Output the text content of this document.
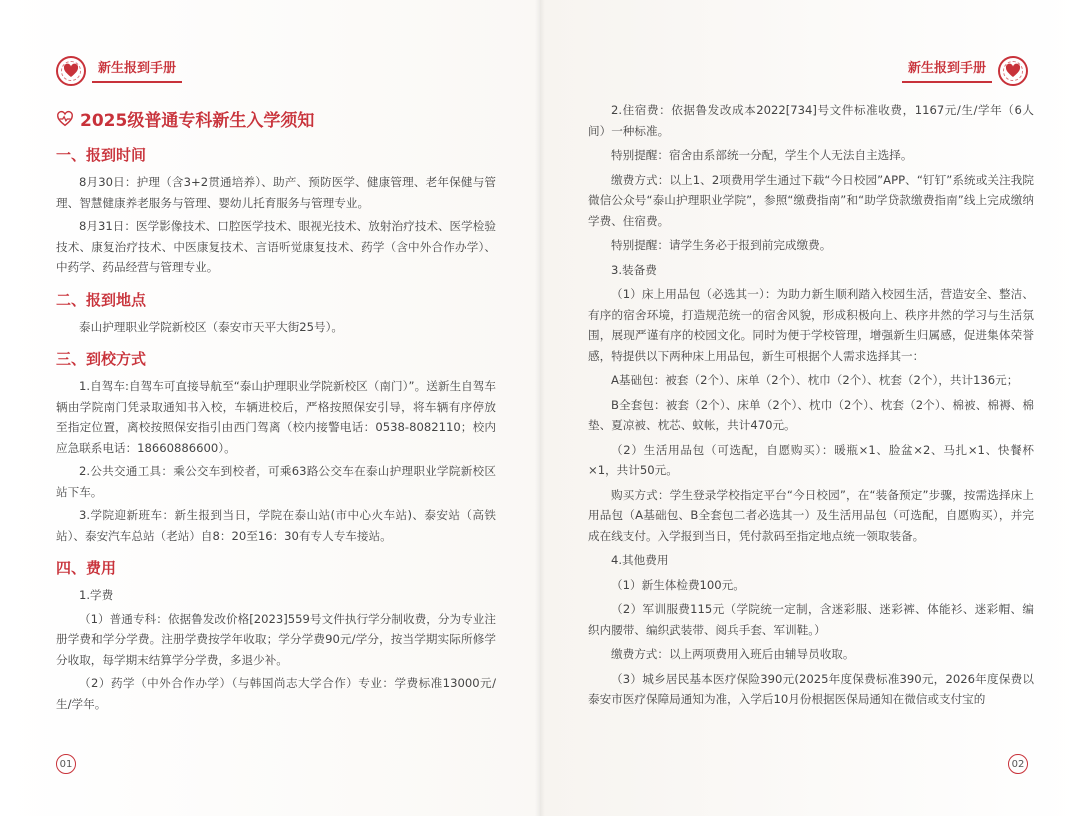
新生报到手册
2025级普通专科新生入学须知
一、报到时间

8月30日：护理（含3+2贯通培养）、助产、预防医学、健康管理、老年保健与管理、智慧健康养老服务与管理、婴幼儿托育服务与管理专业。

8月31日：医学影像技术、口腔医学技术、眼视光技术、放射治疗技术、医学检验技术、康复治疗技术、中医康复技术、言语听觉康复技术、药学（含中外合作办学）、中药学、药品经营与管理专业。

二、报到地点

泰山护理职业学院新校区（泰安市天平大街25号）。

三、到校方式

1.自驾车:自驾车可直接导航至“泰山护理职业学院新校区（南门）”。送新生自驾车辆由学院南门凭录取通知书入校，车辆进校后，严格按照保安引导，将车辆有序停放至指定位置，离校按照保安指引由西门驾离（校内接警电话：0538-8082110；校内应急联系电话：18660886600）。

2.公共交通工具：乘公交车到校者，可乘63路公交车在泰山护理职业学院新校区站下车。

3.学院迎新班车：新生报到当日，学院在泰山站(市中心火车站)、泰安站（高铁站）、泰安汽车总站（老站）自8：20至16：30有专人专车接站。

四、费用

1.学费

（1）普通专科：依据鲁发改价格[2023]559号文件执行学分制收费，分为专业注册学费和学分学费。注册学费按学年收取；学分学费90元/学分，按当学期实际所修学分收取，每学期末结算学分学费，多退少补。

（2）药学（中外合作办学）（与韩国尚志大学合作）专业：学费标准13000元/生/学年。

01
新生报到手册

2.住宿费：依据鲁发改成本2022[734]号文件标准收费，1167元/生/学年（6人间）一种标准。

特别提醒：宿舍由系部统一分配，学生个人无法自主选择。

缴费方式：以上1、2项费用学生通过下载“今日校园”APP、“钉钉”系统或关注我院微信公众号“泰山护理职业学院”，参照“缴费指南”和“助学贷款缴费指南”线上完成缴纳学费、住宿费。

特别提醒：请学生务必于报到前完成缴费。

3.装备费

（1）床上用品包（必选其一）：为助力新生顺利踏入校园生活，营造安全、整洁、有序的宿舍环境，打造规范统一的宿舍风貌，形成积极向上、秩序井然的学习与生活氛围，展现严谨有序的校园文化。同时为便于学校管理，增强新生归属感，促进集体荣誉感，特提供以下两种床上用品包，新生可根据个人需求选择其一：

A基础包：被套（2个）、床单（2个）、枕巾（2个）、枕套（2个），共计136元；

B全套包：被套（2个）、床单（2个）、枕巾（2个）、枕套（2个）、棉被、棉褥、棉垫、夏凉被、枕芯、蚊帐，共计470元。

（2）生活用品包（可选配，自愿购买）：暖瓶×1、脸盆×2、马扎×1、快餐杯×1，共计50元。

购买方式：学生登录学校指定平台“今日校园”，在“装备预定”步骤，按需选择床上用品包（A基础包、B全套包二者必选其一）及生活用品包（可选配，自愿购买），并完成在线支付。入学报到当日，凭付款码至指定地点统一领取装备。

4.其他费用

（1）新生体检费100元。

（2）军训服费115元（学院统一定制，含迷彩服、迷彩裤、体能衫、迷彩帽、编织内腰带、编织武装带、阅兵手套、军训鞋。）

缴费方式：以上两项费用入班后由辅导员收取。

（3）城乡居民基本医疗保险390元(2025年度保费标准390元，2026年度保费以泰安市医疗保障局通知为准，入学后10月份根据医保局通知在微信或支付宝的

02
